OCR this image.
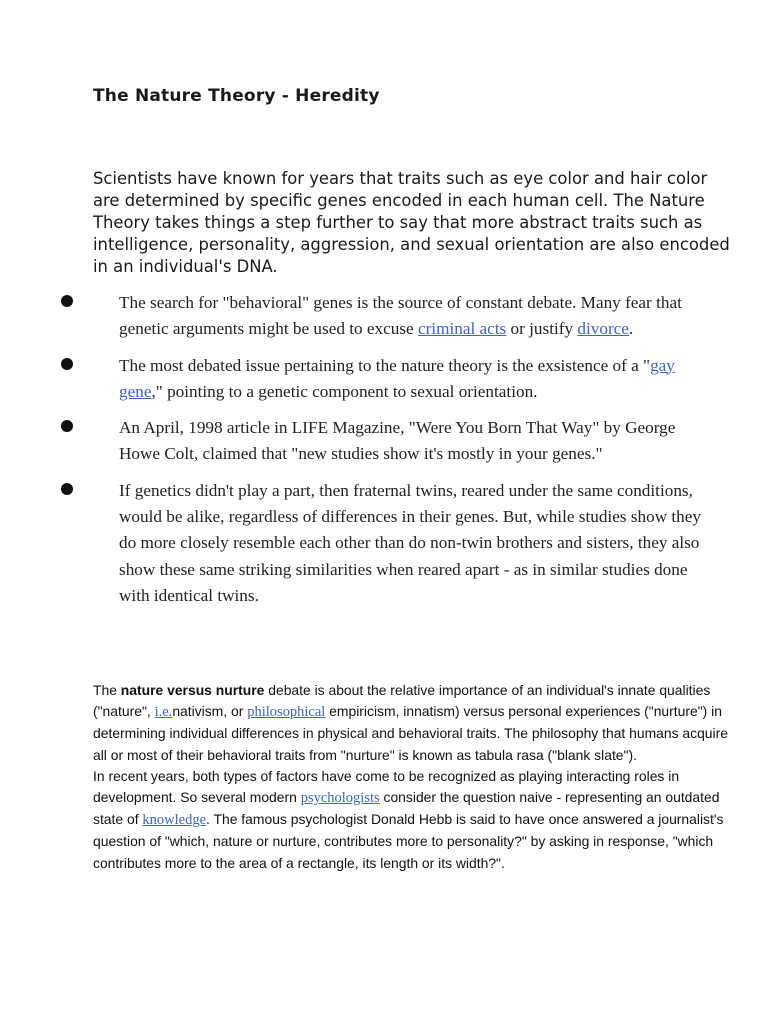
The Nature Theory - Heredity

Scientists have known for years that traits such as eye color and hair color are determined by specific genes encoded in each human cell. The Nature Theory takes things a step further to say that more abstract traits such as intelligence, personality, aggression, and sexual orientation are also encoded in an individual's DNA.

The search for "behavioral" genes is the source of constant debate. Many fear that genetic arguments might be used to excuse criminal acts or justify divorce.

The most debated issue pertaining to the nature theory is the exsistence of a "gay gene," pointing to a genetic component to sexual orientation.

An April, 1998 article in LIFE Magazine, "Were You Born That Way" by George Howe Colt, claimed that "new studies show it's mostly in your genes."

If genetics didn't play a part, then fraternal twins, reared under the same conditions, would be alike, regardless of differences in their genes. But, while studies show they do more closely resemble each other than do non-twin brothers and sisters, they also show these same striking similarities when reared apart - as in similar studies done with identical twins.

The nature versus nurture debate is about the relative importance of an individual's innate qualities ("nature", i.e.nativism, or philosophical empiricism, innatism) versus personal experiences ("nurture") in determining individual differences in physical and behavioral traits. The philosophy that humans acquire all or most of their behavioral traits from "nurture" is known as tabula rasa ("blank slate").
In recent years, both types of factors have come to be recognized as playing interacting roles in development. So several modern psychologists consider the question naive - representing an outdated state of knowledge. The famous psychologist Donald Hebb is said to have once answered a journalist's question of "which, nature or nurture, contributes more to personality?" by asking in response, "which contributes more to the area of a rectangle, its length or its width?".
